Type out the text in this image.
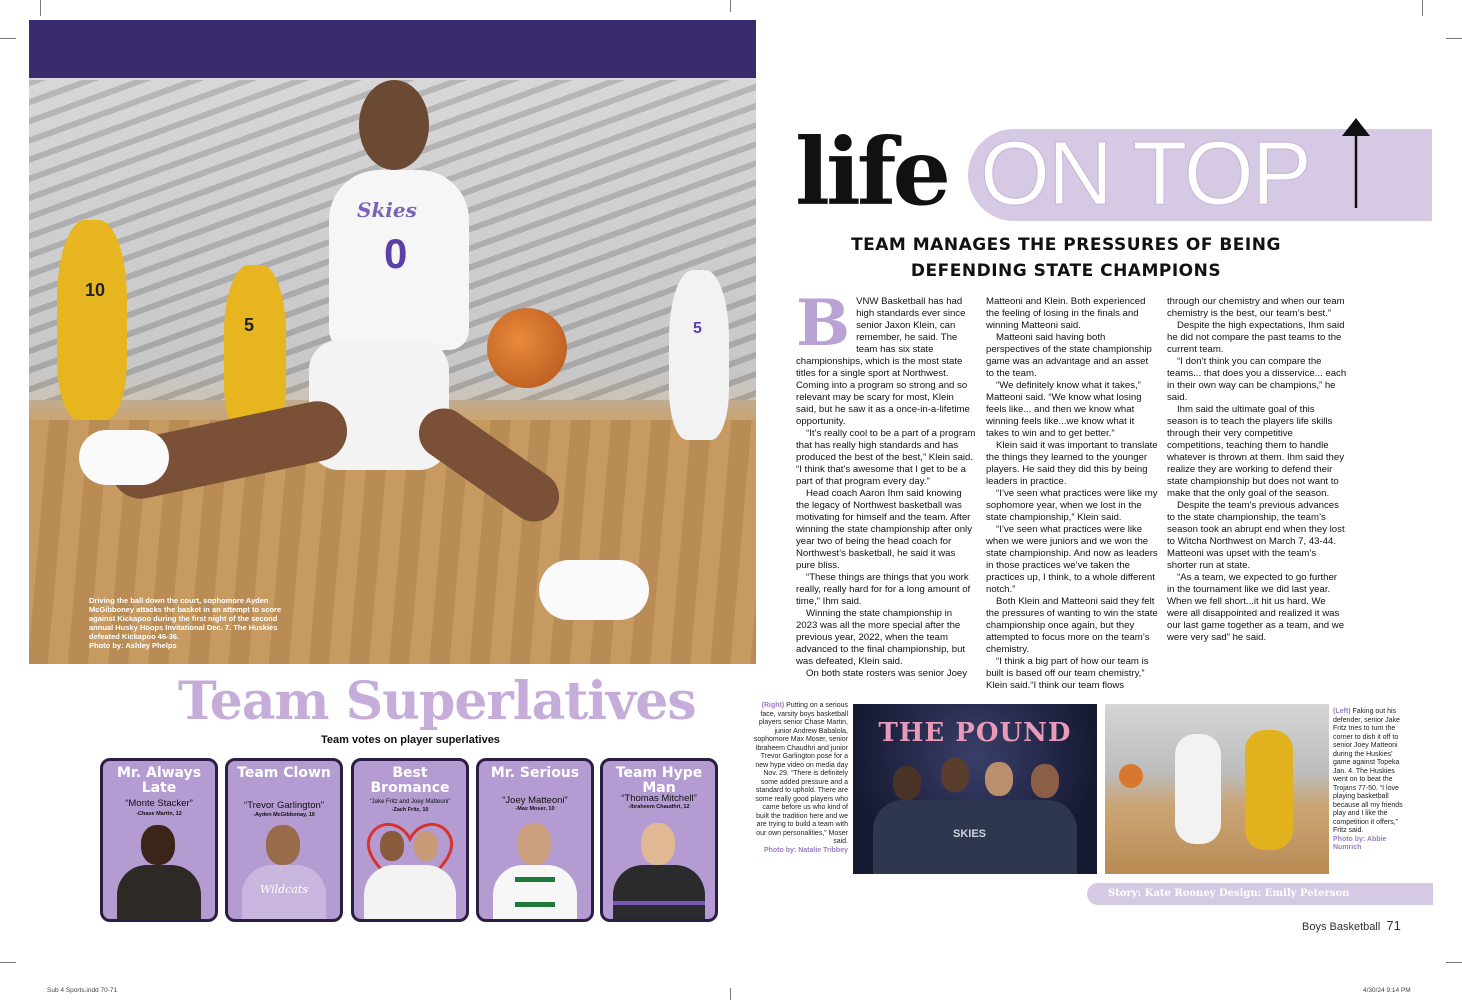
10
5	5
Skies
0
Driving the ball down the court, sophomore Ayden McGibboney attacks the basket in an attempt to score against Kickapoo during the first night of the second annual Husky Hoops Invitational Dec. 7. The Huskies defeated Kickapoo 46-36.
Photo by: Ashley Phelps
life ON TOP
TEAM MANAGES THE PRESSURES OF BEING
DEFENDING STATE CHAMPIONS
B VNW Basketball has had high standards ever since senior Jaxon Klein, can remember, he said. The team has six state championships, which is the most state titles for a single sport at Northwest. Coming into a program so strong and so relevant may be scary for most, Klein said, but he saw it as a once-in-a-lifetime opportunity.

“It’s really cool to be a part of a program that has really high standards and has produced the best of the best,” Klein said. “I think that’s awesome that I get to be a part of that program every day.”

Head coach Aaron Ihm said knowing the legacy of Northwest basketball was motivating for himself and the team. After winning the state championship after only year two of being the head coach for Northwest’s basketball, he said it was pure bliss.

“These things are things that you work really, really hard for for a long amount of time,” Ihm said.

Winning the state championship in 2023 was all the more special after the previous year, 2022, when the team advanced to the final championship, but was defeated, Klein said.

On both state rosters was senior Joey

Matteoni and Klein. Both experienced the feeling of losing in the finals and winning Matteoni said.

Matteoni said having both perspectives of the state championship game was an advantage and an asset to the team.

“We definitely know what it takes,” Matteoni said. “We know what losing feels like... and then we know what winning feels like...we know what it takes to win and to get better.”

Klein said it was important to translate the things they learned to the younger players. He said they did this by being leaders in practice.

“I’ve seen what practices were like my sophomore year, when we lost in the state championship,” Klein said.

“I’ve seen what practices were like when we were juniors and we won the state championship. And now as leaders in those practices we’ve taken the practices up, I think, to a whole different notch.”

Both Klein and Matteoni said they felt the pressures of wanting to win the state championship once again, but they attempted to focus more on the team’s chemistry.

“I think a big part of how our team is built is based off our team chemistry,” Klein said.“I think our team flows

through our chemistry and when our team chemistry is the best, our team’s best.”

Despite the high expectations, Ihm said he did not compare the past teams to the current team.

“I don’t think you can compare the teams... that does you a disservice... each in their own way can be champions,” he said.

Ihm said the ultimate goal of this season is to teach the players life skills through their very competitive competitions, teaching them to handle whatever is thrown at them. Ihm said they realize they are working to defend their state championship but does not want to make that the only goal of the season.

Despite the team’s previous advances to the state championship, the team’s season took an abrupt end when they lost to Witcha Northwest on March 7, 43-44. Matteoni was upset with the team’s shorter run at state.

“As a team, we expected to go further in the tournament like we did last year. When we fell short...it hit us hard. We were all disappointed and realized it was our last game together as a team, and we were very sad” he said.

Team Superlatives
Team votes on player superlatives
Mr. Always Late
“Monte Stacker”
-Chase Martin, 12
Team Clown
“Trevor Garlington”
-Ayden McGibbonay, 10
Wildcats
Best Bromance
“Jake Fritz and Joey Matteoni”
-Zach Fritz, 10
Mr. Serious
“Joey Matteoni”
-Max Moser, 10
Team Hype Man
“Thomas Mitchell”
-Ibraheem Chaudhri, 12
(Right) Putting on a serious face, varsity boys basketball players senior Chase Martin, junior Andrew Babalola, sophomore Max Moser, senior Ibraheem Chaudhri and junior Trevor Garlington pose for a new hype video on media day Nov. 29. “There is definitely some added pressure and a standard to uphold. There are some really good players who came before us who kind of built the tradition here and we are trying to build a team with our own personalities,” Moser said.
Photo by: Natalie Tribbey
THE POUND
SKIES
(Left) Faking out his defender, senior Jake Fritz tries to turn the corner to dish it off to senior Joey Matteoni during the Huskies’ game against Topeka Jan. 4. The Huskies went on to beat the Trojans 77-50. “I love playing basketball because all my friends play and I like the competition it offers,” Fritz said.
Photo by: Abbie Numrich
Story: Kate Rooney Design: Emily Peterson
Boys Basketball 71
Sub 4 Sports.indd 70-71	4/30/24 9:14 PM
